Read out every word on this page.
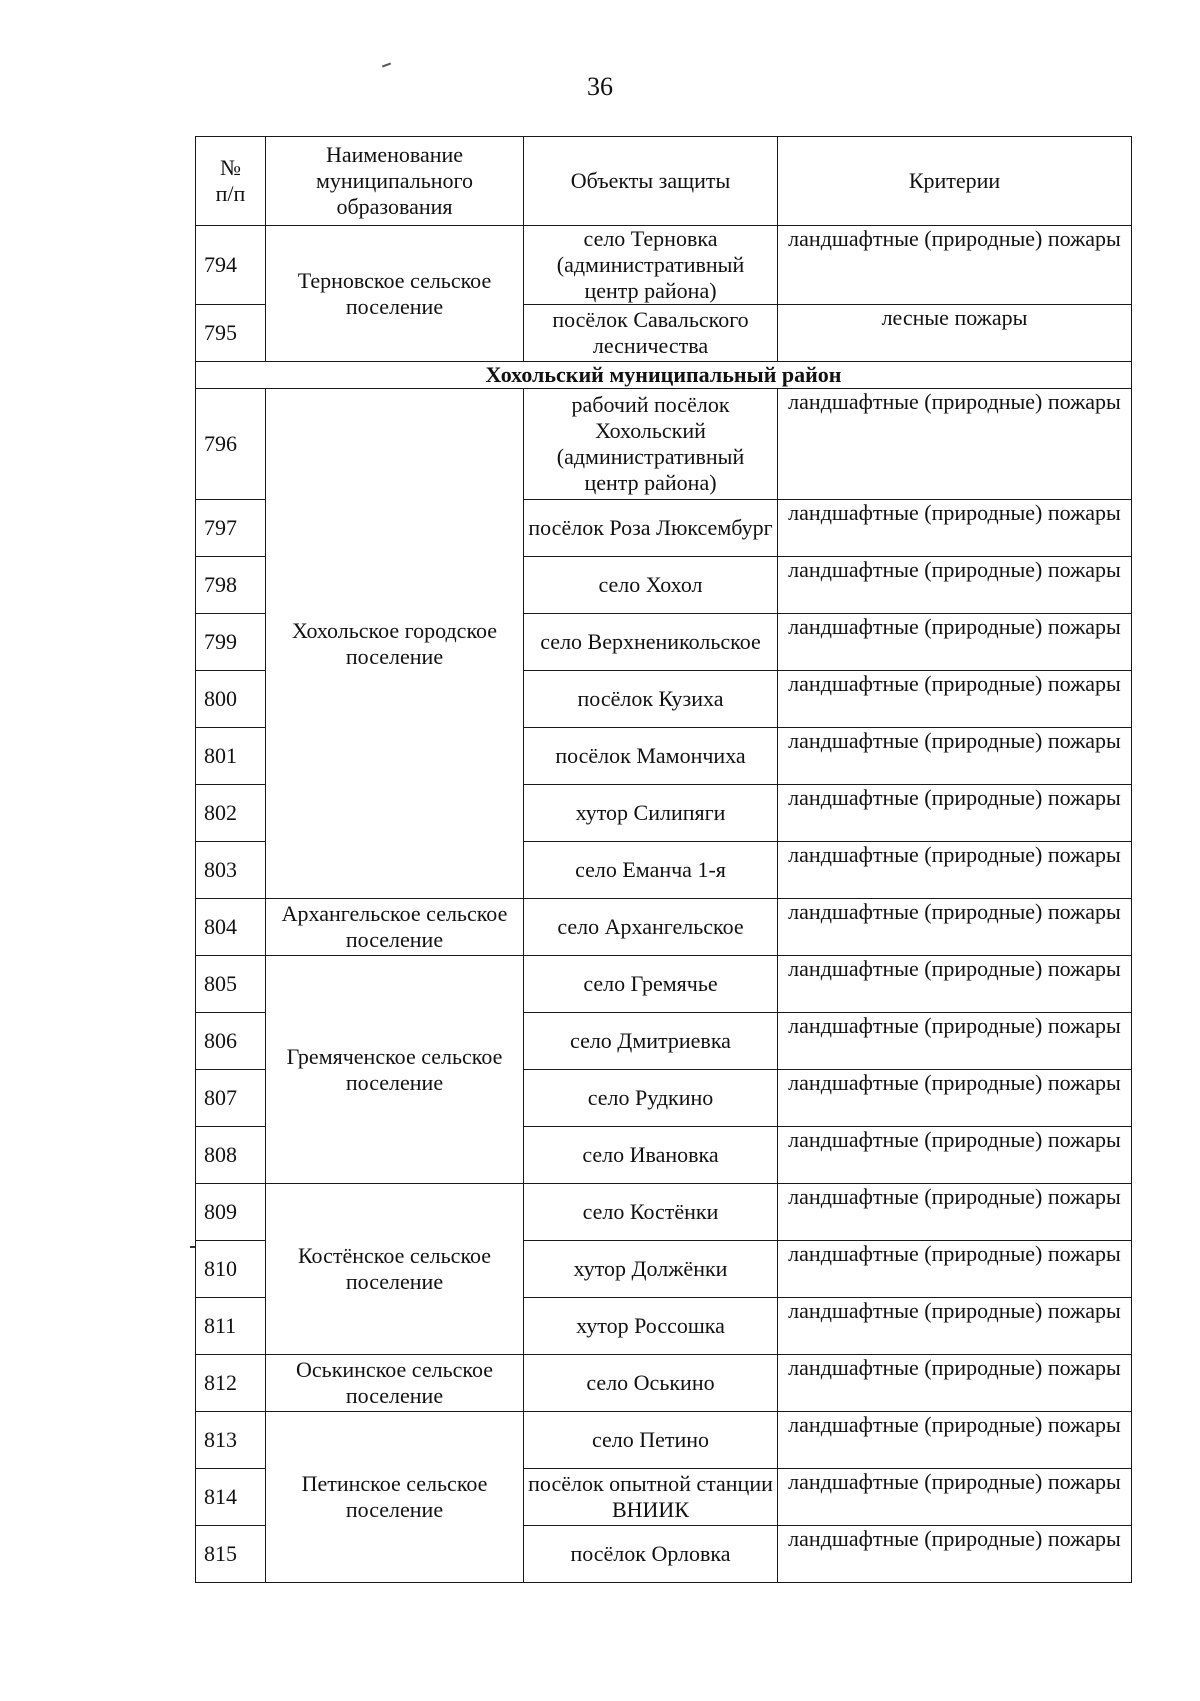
36
№
п/п	Наименование муниципального образования	Объекты защиты	Критерии
794	Терновское сельское поселение	село Терновка (административный центр района)	ландшафтные (природные) пожары
795		посёлок Савальского лесничества	лесные пожары
Хохольский муниципальный район			
796	Хохольское городское поселение	рабочий посёлок Хохольский (административный центр района)	ландшафтные (природные) пожары
797		посёлок Роза Люксембург	ландшафтные (природные) пожары
798		село Хохол	ландшафтные (природные) пожары
799		село Верхненикольское	ландшафтные (природные) пожары
800		посёлок Кузиха	ландшафтные (природные) пожары
801		посёлок Мамончиха	ландшафтные (природные) пожары
802		хутор Силипяги	ландшафтные (природные) пожары
803		село Еманча 1-я	ландшафтные (природные) пожары
804	Архангельское сельское поселение	село Архангельское	ландшафтные (природные) пожары
805	Гремяченское сельское поселение	село Гремячье	ландшафтные (природные) пожары
806		село Дмитриевка	ландшафтные (природные) пожары
807		село Рудкино	ландшафтные (природные) пожары
808		село Ивановка	ландшафтные (природные) пожары
809	Костёнское сельское поселение	село Костёнки	ландшафтные (природные) пожары
810		хутор Должёнки	ландшафтные (природные) пожары
811		хутор Россошка	ландшафтные (природные) пожары
812	Оськинское сельское поселение	село Оськино	ландшафтные (природные) пожары
813	Петинское сельское поселение	село Петино	ландшафтные (природные) пожары
814		посёлок опытной станции ВНИИК	ландшафтные (природные) пожары
815		посёлок Орловка	ландшафтные (природные) пожары
